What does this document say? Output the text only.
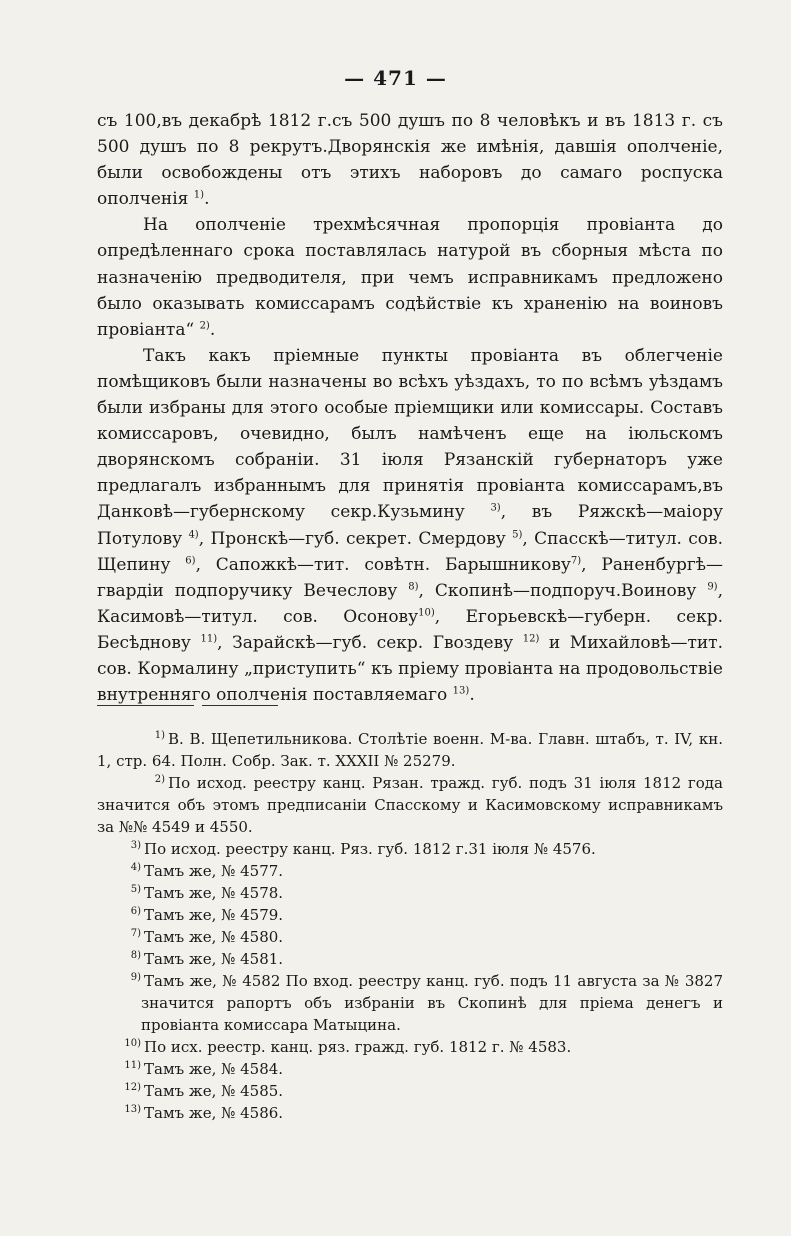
— 471 —

съ 100,въ декабрѣ 1812 г.съ 500 душъ по 8 человѣкъ и въ 1813 г. съ 500 душъ по 8 рекрутъ.Дворянскія же имѣнія, давшія ополченіе, были освобождены отъ этихъ наборовъ до самаго роспуска ополченія $^{1)}$.

На ополченіе трехмѣсячная пропорція провіанта до опредѣленнаго срока поставлялась натурой въ сборныя мѣста по назначенію предводителя, при чемъ исправникамъ предложено было оказывать комиссарамъ содѣйствіе къ храненію на воиновъ провіанта“ $^{2)}$.

Такъ какъ пріемные пункты провіанта въ облегченіе помѣщиковъ были назначены во всѣхъ уѣздахъ, то по всѣмъ уѣздамъ были избраны для этого особые пріемщики или комиссары. Составъ комиссаровъ, очевидно, былъ намѣченъ еще на іюльскомъ дворянскомъ собраніи. 31 іюля Рязанскій губернаторъ уже предлагалъ избраннымъ для принятія провіанта комиссарамъ,въ Данковѣ—губернскому секр.Кузьмину $^{3)}$, въ Ряжскѣ—маіору Потулову $^{4)}$, Пронскѣ—губ. секрет. Смердову $^{5)}$, Спасскѣ—титул. сов. Щепину $^{6)}$, Сапожкѣ—тит. совѣтн. Барышникову$^{7)}$, Раненбургѣ—гвардіи подпоручику Вечеслову $^{8)}$, Скопинѣ—подпоруч.Воинову $^{9)}$, Касимовѣ—титул. сов. Осонову$^{10)}$, Егорьевскѣ—губерн. секр. Бесѣднову $^{11)}$, Зарайскѣ—губ. секр. Гвоздеву $^{12)}$ и Михайловѣ—тит. сов. Кормалину „приступить“ къ пріему провіанта на продовольствіе внутренняго ополченія поставляемаго $^{13)}$.

1) В. В. Щепетильникова. Столѣтіе военн. М-ва. Главн. штабъ, т. IV, кн. 1, стр. 64. Полн. Собр. Зак. т. XXXII № 25279.

2) По исход. реестру канц. Рязан. тражд. губ. подъ 31 іюля 1812 года значится объ этомъ предписаніи Спасскому и Касимовскому исправникамъ за №№ 4549 и 4550.

3) По исход. реестру канц. Ряз. губ. 1812 г.31 іюля № 4576.

4) Тамъ же, № 4577.

5) Тамъ же, № 4578.

6) Тамъ же, № 4579.

7) Тамъ же, № 4580.

8) Тамъ же, № 4581.

9) Тамъ же, № 4582 По вход. реестру канц. губ. подъ 11 августа за № 3827 значится рапортъ объ избраніи въ Скопинѣ для пріема денегъ и провіанта комиссара Матыцина.

10) По исх. реестр. канц. ряз. гражд. губ. 1812 г. № 4583.

11) Тамъ же, № 4584.

12) Тамъ же, № 4585.

13) Тамъ же, № 4586.
